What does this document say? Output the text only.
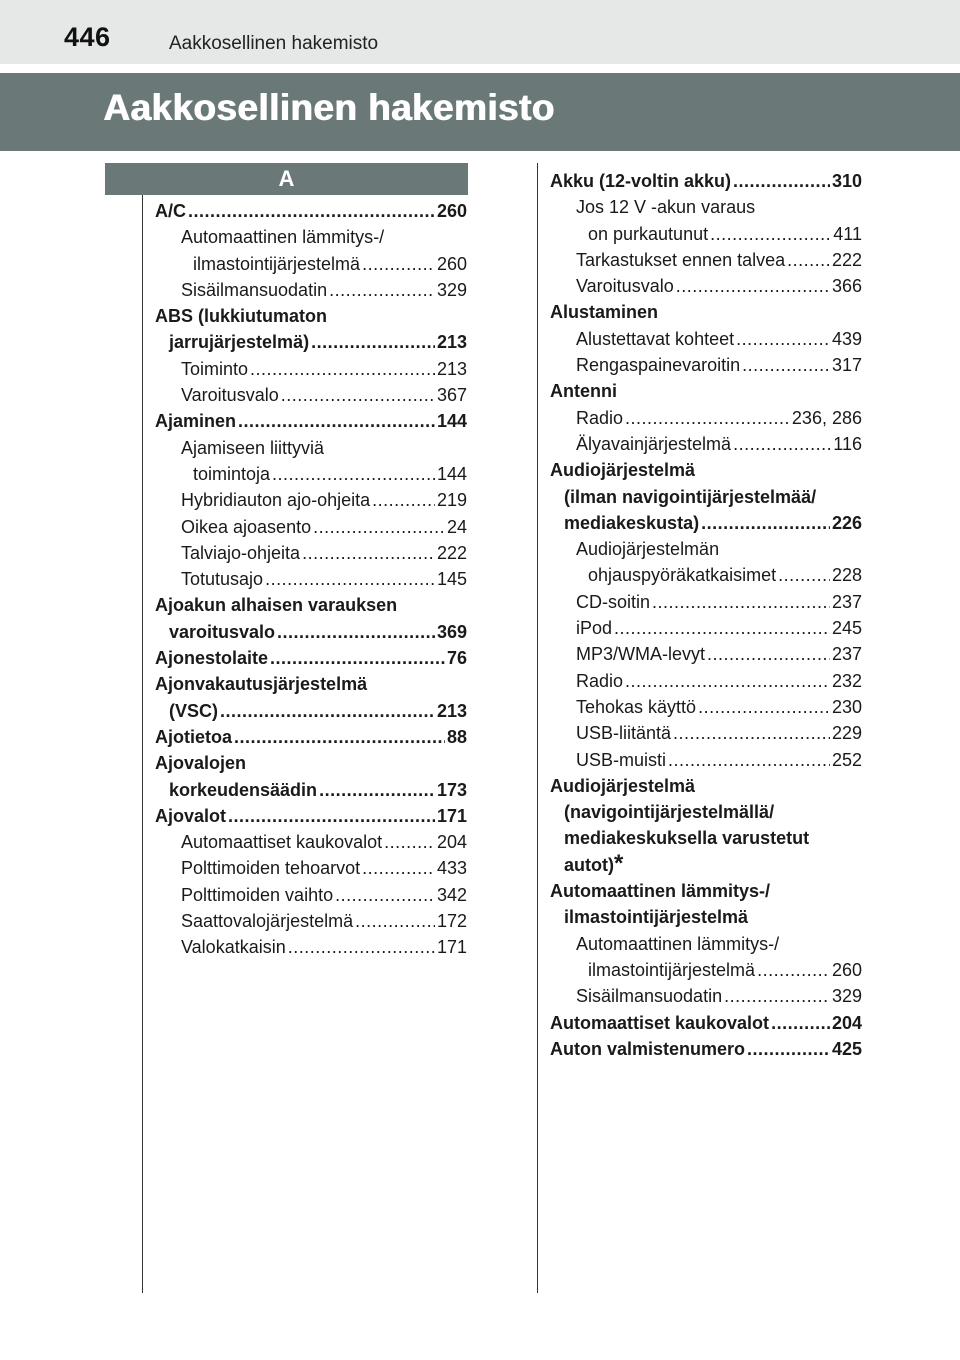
446	Aakkosellinen hakemisto
Aakkosellinen hakemisto
A
A/C .....	260
Automaattinen lämmitys-/
ilmastointijärjestelmä .....	260
Sisäilmansuodatin .....	329
ABS (lukkiutumaton
jarrujärjestelmä) .....	213
Toiminto .....	213
Varoitusvalo .....	367
Ajaminen .....	144
Ajamiseen liittyviä
toimintoja .....	144
Hybridiauton ajo-ohjeita .....	219
Oikea ajoasento .....	24
Talviajo-ohjeita .....	222
Totutusajo .....	145
Ajoakun alhaisen varauksen
varoitusvalo .....	369
Ajonestolaite .....	76
Ajonvakautusjärjestelmä
(VSC) .....	213
Ajotietoa .....	88
Ajovalojen
korkeudensäädin .....	173
Ajovalot .....	171
Automaattiset kaukovalot .....	204
Polttimoiden tehoarvot .....	433
Polttimoiden vaihto .....	342
Saattovalojärjestelmä .....	172
Valokatkaisin .....	171
Akku (12-voltin akku) .....	310
Jos 12 V -akun varaus
on purkautunut .....	411
Tarkastukset ennen talvea .....	222
Varoitusvalo .....	366
Alustaminen
Alustettavat kohteet .....	439
Rengaspainevaroitin .....	317
Antenni
Radio .....	236, 286
Älyavainjärjestelmä .....	116
Audiojärjestelmä
(ilman navigointijärjestelmää/
mediakeskusta) .....	226
Audiojärjestelmän
ohjauspyöräkatkaisimet .....	228
CD-soitin .....	237
iPod .....	245
MP3/WMA-levyt .....	237
Radio .....	232
Tehokas käyttö .....	230
USB-liitäntä .....	229
USB-muisti .....	252
Audiojärjestelmä
(navigointijärjestelmällä/
mediakeskuksella varustetut
autot) *
Automaattinen lämmitys-/
ilmastointijärjestelmä
Automaattinen lämmitys-/
ilmastointijärjestelmä .....	260
Sisäilmansuodatin .....	329
Automaattiset kaukovalot .....	204
Auton valmistenumero .....	425
